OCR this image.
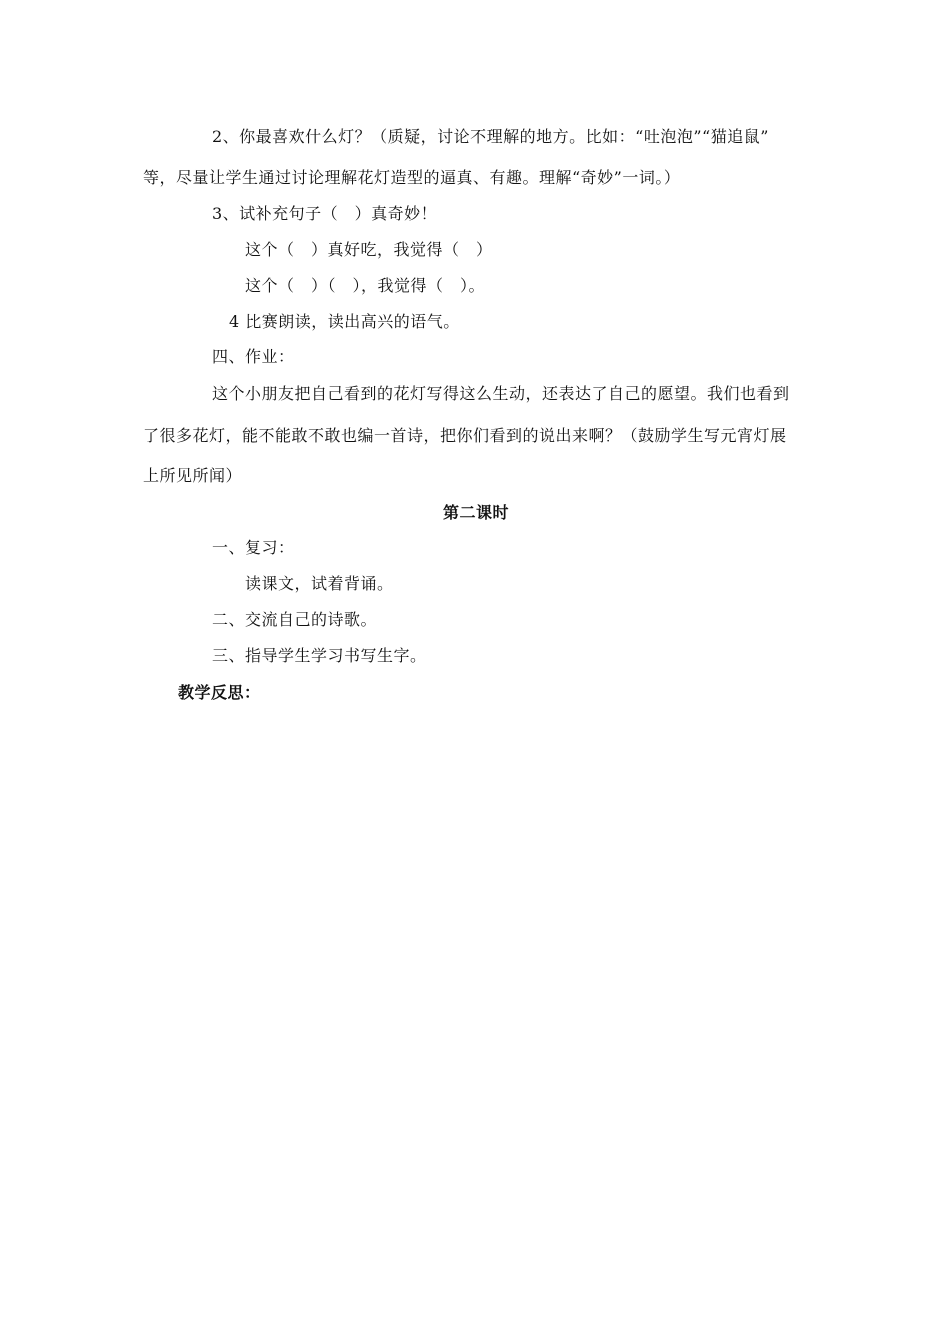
2、你最喜欢什么灯？（质疑，讨论不理解的地方。比如：“吐泡泡”“猫追鼠”
等，尽量让学生通过讨论理解花灯造型的逼真、有趣。理解“奇妙”一词。）
3、试补充句子（　）真奇妙！
这个（　）真好吃，我觉得（　）
这个（　）（　），我觉得（　）。
4 比赛朗读，读出高兴的语气。
四、作业：
这个小朋友把自己看到的花灯写得这么生动，还表达了自己的愿望。我们也看到
了很多花灯，能不能敢不敢也编一首诗，把你们看到的说出来啊？（鼓励学生写元宵灯展
上所见所闻）
第二课时
一、复习：
读课文，试着背诵。
二、交流自己的诗歌。
三、指导学生学习书写生字。
教学反思：
